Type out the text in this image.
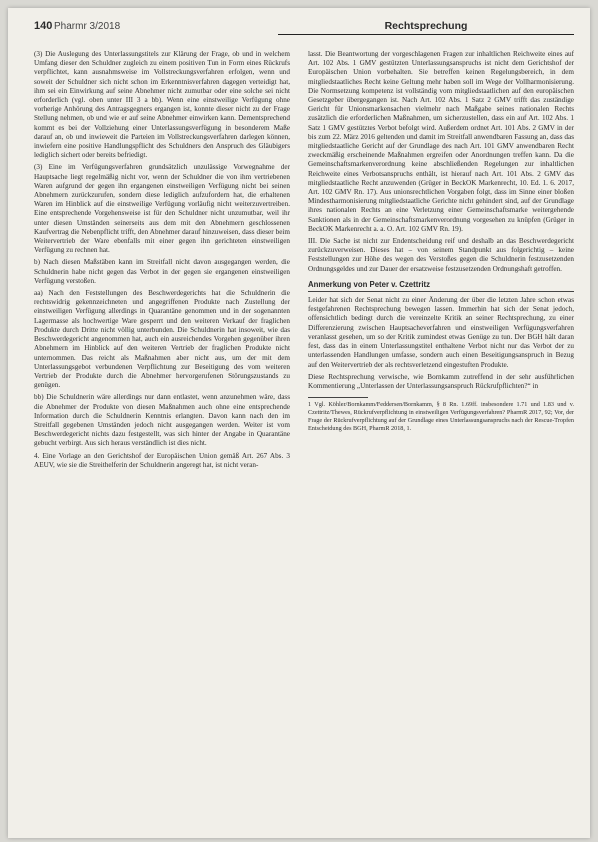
140 Pharmr 3/2018	Rechtsprechung

(3) Die Auslegung des Unterlassungstitels zur Klärung der Frage, ob und in welchem Umfang dieser den Schuldner zugleich zu einem positiven Tun in Form eines Rückrufs verpflichtet, kann ausnahmsweise im Vollstreckungsverfahren erfolgen, wenn und soweit der Schuldner sich nicht schon im Erkenntnisverfahren dagegen verteidigt hat, ihm sei ein Einwirkung auf seine Abnehmer nicht zumutbar oder eine solche sei nicht erforderlich (vgl. oben unter III 3 a bb). Wenn eine einstweilige Verfügung ohne vorherige Anhörung des Antragsgegners ergangen ist, konnte dieser nicht zu der Frage Stellung nehmen, ob und wie er auf seine Abnehmer einwirken kann. Dementsprechend kommt es bei der Vollziehung einer Unterlassungsverfügung in besonderem Maße darauf an, ob und inwieweit die Parteien im Vollstreckungsverfahren darlegen können, inwiefern eine positive Handlungspflicht des Schuldners den Anspruch des Gläubigers lediglich sichert oder bereits befriedigt.

(3) Eine im Verfügungsverfahren grundsätzlich unzulässige Vorwegnahme der Hauptsache liegt regelmäßig nicht vor, wenn der Schuldner die von ihm vertriebenen Waren aufgrund der gegen ihn ergangenen einstweiligen Verfügung nicht bei seinen Abnehmern zurückzurufen, sondern diese lediglich aufzufordern hat, die erhaltenen Waren im Hinblick auf die einstweilige Verfügung vorläufig nicht weiterzuvertreiben. Eine entsprechende Vorgehensweise ist für den Schuldner nicht unzumutbar, weil ihr unter diesen Umständen seinerseits aus dem mit den Abnehmern geschlossenen Kaufvertrag die Nebenpflicht trifft, den Abnehmer darauf hinzuweisen, dass dieser beim Weitervertrieb der Ware ebenfalls mit einer gegen ihn gerichteten einstweiligen Verfügung zu rechnen hat.

b) Nach diesen Maßstäben kann im Streitfall nicht davon ausgegangen werden, die Schuldnerin habe nicht gegen das Verbot in der gegen sie ergangenen einstweiligen Verfügung verstoßen.

aa) Nach den Feststellungen des Beschwerdegerichts hat die Schuldnerin die rechtswidrig gekennzeichneten und angegriffenen Produkte nach Zustellung der einstweiligen Verfügung allerdings in Quarantäne genommen und in der sogenannten Lagermasse als hochwertige Ware gesperrt und den weiteren Verkauf der fraglichen Produkte durch Dritte nicht völlig unterbunden. Die Schuldnerin hat insoweit, wie das Beschwerdegericht angenommen hat, auch ein ausreichendes Vorgehen gegenüber ihren Abnehmern im Hinblick auf den weiteren Vertrieb der fraglichen Produkte nicht unternommen. Das reicht als Maßnahmen aber nicht aus, um der mit dem Unterlassungsgebot verbundenen Verpflichtung zur Beseitigung des vom weiteren Vertrieb der Produkte durch die Abnehmer hervorgerufenen Störungszustands zu genügen.

bb) Die Schuldnerin wäre allerdings nur dann entlastet, wenn anzunehmen wäre, dass die Abnehmer der Produkte von diesen Maßnahmen auch ohne eine entsprechende Information durch die Schuldnerin Kenntnis erlangten. Davon kann nach den im Streitfall gegebenen Umständen jedoch nicht ausgegangen werden. Weiter ist vom Beschwerdegericht nichts dazu festgestellt, was sich hinter der Angabe in Quarantäne gebucht verbirgt. Aus sich heraus verständlich ist dies nicht.

4. Eine Vorlage an den Gerichtshof der Europäischen Union gemäß Art. 267 Abs. 3 AEUV, wie sie die Streithelferin der Schuldnerin angeregt hat, ist nicht veran-

lasst. Die Beantwortung der vorgeschlagenen Fragen zur inhaltlichen Reichweite eines auf Art. 102 Abs. 1 GMV gestützten Unterlassungsanspruchs ist nicht dem Gerichtshof der Europäischen Union vorbehalten. Sie betreffen keinen Regelungsbereich, in dem mitgliedstaatliches Recht keine Geltung mehr haben soll im Wege der Vollharmonisierung. Die Normsetzung kompetenz ist vollständig vom mitgliedstaatlichen auf den europäischen Gesetzgeber übergegangen ist. Nach Art. 102 Abs. 1 Satz 2 GMV trifft das zuständige Gericht für Unionsmarkensachen vielmehr nach Maßgabe seines nationalen Rechts zusätzlich die erforderlichen Maßnahmen, um sicherzustellen, dass ein auf Art. 102 Abs. 1 Satz 1 GMV gestütztes Verbot befolgt wird. Außerdem ordnet Art. 101 Abs. 2 GMV in der bis zum 22. März 2016 geltenden und damit im Streitfall anwendbaren Fassung an, dass das mitgliedstaatliche Gericht auf der Grundlage des nach Art. 101 GMV anwendbaren Recht zweckmäßig erscheinende Maßnahmen ergreifen oder Anordnungen treffen kann. Da die Gemeinschaftsmarkenverordnung keine abschließenden Regelungen zur inhaltlichen Reichweite eines Verbotsanspruchs enthält, ist hierauf nach Art. 101 Abs. 2 GMV das mitgliedstaatliche Recht anzuwenden (Grüger in BeckOK Markenrecht, 10. Ed. 1. 6. 2017, Art. 102 GMV Rn. 17). Aus unionsrechtlichen Vorgaben folgt, dass im Sinne einer bloßen Mindestharmonisierung mitgliedstaatliche Gerichte nicht gehindert sind, auf der Grundlage ihres nationalen Rechts an eine Verletzung einer Gemeinschaftsmarke weitergehende Sanktionen als in der Gemeinschaftsmarkenverordnung vorgesehen zu knüpfen (Grüger in BeckOK Markenrecht a. a. O. Art. 102 GMV Rn. 19).

III. Die Sache ist nicht zur Endentscheidung reif und deshalb an das Beschwerdegericht zurückzuverweisen. Dieses hat – von seinem Standpunkt aus folgerichtig – keine Feststellungen zur Höhe des wegen des Verstoßes gegen die Schuldnerin festzusetzenden Ordnungsgeldes und zur Dauer der ersatzweise festzusetzenden Ordnungshaft getroffen.

Anmerkung von Peter v. Czettritz

Leider hat sich der Senat nicht zu einer Änderung der über die letzten Jahre schon etwas festgefahrenen Rechtsprechung bewegen lassen. Immerhin hat sich der Senat jedoch, offensichtlich bedingt durch die vereinzelte Kritik an seiner Rechtsprechung, zu einer Differenzierung zwischen Hauptsacheverfahren und einstweiligen Verfügungsverfahren veranlasst gesehen, um so der Kritik zumindest etwas Genüge zu tun. Der BGH hält daran fest, dass das in einem Unterlassungstitel enthaltene Verbot nicht nur das Verbot der zu unterlassenden Handlungen umfasse, sondern auch einen Beseitigungsanspruch in Bezug auf den Weitervertrieb der als rechtsverletzend eingestuften Produkte.

Diese Rechtsprechung verwische, wie Bornkamm zutreffend in der sehr ausführlichen Kommentierung „Unterlassen der Unterlassungsanspruch Rückrufpflichten?“ in

1 Vgl. Köhler/Bornkamm/Feddersen/Bornkamm, § 8 Rn. 1.69ff. insbesondere 1.71 und 1.83 und v. Czettritz/Thewes, Rückrufverpflichtung in einstweiligen Verfügungsverfahren? PharmR 2017, 92; Vor, der Frage der Rückrufverpflichtung auf der Grundlage eines Unterlassungsanspruchs nach der Rescue-Tropfen Entscheidung des BGH, PharmR 2018, 1.
